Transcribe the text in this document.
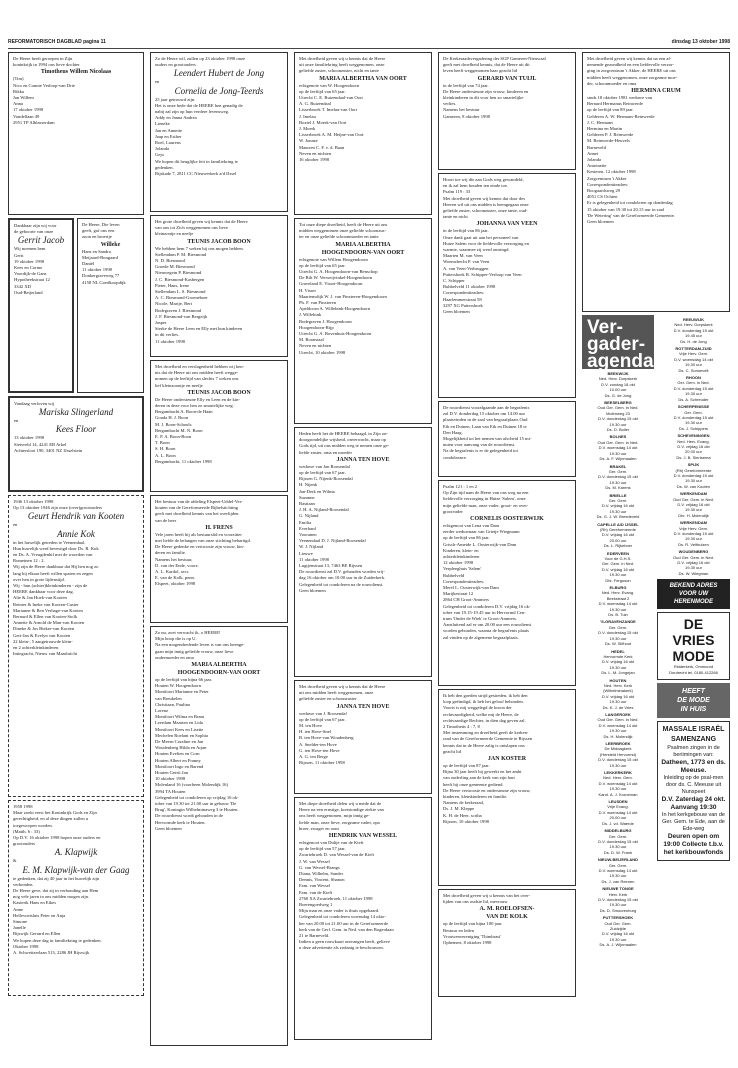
REFORMATORISCH DAGBLAD pagina 11	dinsdag 13 oktober 1998
De Heere heeft geroepen in Zijn
koninkrijk in 1994 ons lieve dochter
Timotheus Willem Nicolaas
(Tim)
Nico en Connie Verloop-van Drie
Rikka
Jan Willem
Anna
17 oktober 1998
Vondellaan 49
2951 TP Alblasserdam
Dankbaar zijn wij voor
de geboorte van onze
Gerrit Jacob
Wij noemen hem
Gerit
19 oktober 1998
Kees en Corine
Voordijk-de Gans
Hypotheekstraat 12
3342 XD
Oud-Beijerland
De Heere, Die leven
geeft, gaf ons een
zoon en broertje
Willeke
Hans en Sandra
Meijaard-Bongaard
Daniël
11 oktober 1998
Donkergraveweg 77
4158 NL Goedkoopdijk
Vandaag verloven wij
Mariska Slingerland
en
Kees Floor
13 oktober 1998
Sietsveld 14, 4241 EB Arkel
Achtersloot 190, 3401 NZ IJsselstein
1946 13 oktober 1998
Op 13 oktober 1946 zijn onze (over)grootouders
Geurt Hendrik van Kooten
en
Annie Kok
in het huwelijk getreden te Veenendaal.
Hun huwelijk werd bevestigd door Ds. R. Kok
en Ds. A. Vreugdenhil met de woorden van
Romeinen 12 : 2.
Wij zijn de Heere dankbaar dat Hij hen nog zo
lang bij elkaar heeft willen sparen en zegen
over hen in grote lijdenstijd.
Wij - hun (achter)kleinkinderen - zijn de
HEERE dankbaar voor deze dag.
Alie & Jan Hoek-van Kooten
Reinier & Ineke van Kooten-Custer
Marianne & Ben Verhage-van Kooten
Bernard & Ellen van Kooten-Stolk
Annette & Arnold de Man-van Kooten
Dineke & Jos Bieker-van Kooten
Gert-Jan & Evelyn van Kooten
22 klein-, 5 aangetrouwde klein-
en 2 achterkleinkinderen
Intiegracht, Nieuw van Maasbricht
1958 1998
Maar zoekt eerst het Koninkrijk Gods en Zijn
gerechtigheid, en al deze dingen zullen u
toegeworpen worden.
(Matth. 6 : 33)
Op D.V. 16 oktober 1998 hopen onze ouders en
grootouders
A. Klapwijk
&
E. M. Klapwijk-van der Gaag
te gedenken, dat zij 40 jaar in het huwelijk zijn
verbonden.
De Heere geve, dat zij in verbonding aan Hem
nog vele jaren in ons midden mogen zijn.
Kasterik Hans en Eikes
Anne
Hellevoetsluis Peter en Anja
Simone
Janelle
Bijswijk Gerrard en Ellen
We hopen deze dag in familiekring te gedenken.
Oktober 1998
A. Schweitzerlaan 513, 2286 JH Rijswijk
Zo de Heere wil, zullen op 23 oktober 1998 onze
ouders en grootouders
Leendert Hubert de Jong
en
Cornelia de Jong-Teerds
25 jaar getrouwd zijn.
Het is onze bede dat de HEERE hen genadig de
nabij zal zijn op hun verdere levensweg.
Addy en Janna Andrea
Lieneke
Jan en Annette
Jaap en Esther
Roel, Laurens
Jolanda
Gejo
We hopen dit heuglijke feit in familiekring te
gedenken.
Rijskade 7, 2811 CC Nieuwerkerk a/d IJssel
Het grote droefheid geven wij kennis dat de Heere
van ons tot Zich weggenomen ons lieve
kleinzontje en neefje
TEUNIS JACOB BOON
We hebben hem 7 weken bij ons mogen hebben.
Stellendam P. M. Biesmond
N. D. Biesmond
Groede M. Biesmond
Nieuwegein P. Biesmond
J. C. Biesmond-Kasbergen
Pieter, Hans, Irene
Stellendam L. S. Biesmond
A. C. Biesmond-Groeneboer
Nicole, Marije, Bert
Bodegraven J. Biesmond
J. F. Biesmond-van Bergeijk
Jasper
Sterke de Heere Leen en Elly met hun kinderen
in dit verlies.
11 oktober 1998
Met droefheid en verslagenheid hebben wij ken-
nis dat de Heere uit ons midden heeft wegge-
nomen op de leeftijd van slechts 7 weken ons
lief kleinzoontje en neefje
TEUNIS JACOB BOON
De Heere ondersteune Elly en Leen en de kin-
deren in deze voor hen zo smartelijke weg.
Bergambacht A. Boon-de Haan
Gouda H. J. Boon
M. J. Boon-Schouls
Bergambacht M. N. Boon
E. P. A. Boon-Boon
T. Boon
S. H. Boon
A. L. Boon
Bergambacht, 11 oktober 1998
Het bestuur van de afdeling Elspeet-Uddel-Ver-
houten van de Gereformeerde Bijbelstichting
geeft met droefheid kennis van het overlijden
van de heer
H. FRENS
Vele jaren heeft hij als bestuurslid en voorzitter
met liefde de belangen van onze stichting behartigd.
De Heere gedenke en vertrooste zijn vrouw, kin-
deren en familie.
Namens het bestuur,
D. van der Ende, voorz.
A. L. Kardol, secr.
E. van de Kolk, penn.
Elspeet, oktober 1998
Zo nu, zoet verwacht ik, o HEERE!
Mijn hoop die is op U.
Na een mogendredende leven is van ons heenge-
gaan mijn innig geliefde vrouw, onze lieve
oudermoeder en oma
MARIA ALBERTHA
HOOGENDOORN-VAN OORT
op de leeftijd van bijna 66 jaar.
Houten W. Hoogendoorn
Montfoort Marianne en Peter
van Breukelen
Christiaan, Paulina
Lorenz
Montfoort Wilma en Bram
Leerdam Maarten en Lida
Montfoort Kees en Lisette
Mechelen Roelant en Sophia
De Meern Coraline en Jan
Woudenberg Hilda en Arjan
Houten Evelien en Corn
Houten Albert en Franny
Montfoort Ingo en Barend
Houten Gerrit Jan
10 oktober 1998
Molenland 16 (voorheen Molendijk 16)
3994 TA Houten
Gelegenheid tot condoleren op vrijdag 16 ok-
tober van 19.30 tot 21.00 uur in gebouw 'De
Brug', Koningin Wilhelminaweg 3 te Houten.
De rouwdienst wordt gehouden in de
Hervormde kerk te Houten.
Geen bloemen
Met droefheid geven wij u kennis dat de Heere
uit onze familiekring heeft weggenomen, onze
geliefde zuster, schoonzuster, nicht en tante
MARIA ALBERTHA VAN OORT
echtgenote van W. Hoogendoorn
op de leeftijd van 65 jaar.
Utrecht C. E. Ruizendaal-van Oort
A. G. Ruizendaal
Lisserbroek T. Imelau-van Oort
J. Imelau
Boxtel J. Moerk-van Oort
J. Moerk
Lisserbroek A. M. Heijne-van Oort
W. Jonaze
Maurren C. F. v. d. Baan
Neven en nichten
16 oktober 1998
Tot onze diepe droefheid, heeft de Heere uit ons
midden weggenomen onze geliefde schoonzus-
ter en onze geliefde schoonmoeder en tante
MARIA ALBERTHA
HOOGENDOORN-VAN OORT
echtgenote van Willem Hoogendoorn
op de leeftijd van 65 jaar.
Utrecht G. A. Hoogendoorn-van Benschop
De Bilt W. Verweijvinkel-Hoogendoorn
Graveland E. Visser-Hoogendoorn
H. Visser
Maartensdijk W. J. van Pinxteren-Hoogendoorn
Ph. F. van Pinxteren
Apeldoorn A. Willebink-Hoogendoorn
J. Willebink
Bodegraven J. Hoogendoorn
Hoogendoorn-Rijp
Utrecht G. A. Bovenhuis-Hoogendoorn
M. Boonstaal
Neven en nichten
Utrecht, 10 oktober 1998
Heden heeft het de HEERE behaagd, in Zijn on-
doorgrondelijke wijsheid, onverwacht, maar op
Gods tijd, uit ons midden weg te nemen onze ge-
liefde zuster, oma en moeder
JANNA TEN HOVE
weduwe van Jan Roosendal
op de leeftijd van 67 jaar.
Rijssen G. Nijenk-Roosendal
H. Nijenk
Jan-Derk en Wilma
Suzanne
Bastiaan
J. H. A. Nijland-Roosendal
G. Nijland
Emilia
Everhard
Vooranen
Veenendaal D. J. Nijland-Roosendal
W. J. Nijland
Lieuwe
11 oktober 1998
Lugtjenstraat 13, 7463 BE Rijssen
De rouwdienst zal D.V. gehouden worden vrij-
dag 16 oktober om 10.00 uur in de Zuiderkerk.
Gelegenheid tot condoleren na de rouwdienst.
Geen bloemen
Met droefheid geven wij u kennis dat de Heere
uit ons midden heeft weggenomen, onze
geliefde zuster en schoonzuster
JANNA TEN HOVE
weduwe van J. Roosendal
op de leeftijd van 67 jaar.
M. ten Hove
H. ten Hove-Snel
B. ten Hove-van Woudenberg
A. Snelder-ten Hove
G. ten Hove-ten Hove
A. G. ten Berge
Rijssen, 11 oktober 1998
Met diepe droefheid delen wij u mede dat de
Heere na een ernstige, kortstondige ziekte van
ons heeft weggenomen, mijn innig ge-
liefde man, onze lieve, zorgzame vader, opa
broer, zwager en oom
HENDRIK VAN WESSEL
echtgenoot van Didije van de Kieft
op de leeftijd van 57 jaar.
Zwartebroek D. van Wessel-van de Kieft
J. W. van Wessel
G. van Wessel-Brangs
Diana, Wilhelm, Sander
Dennis, Vincent, Shanon
Fam. van Wessel
Fam. van de Kieft
2760 XA Zwartebroek, 11 oktober 1998
Boerengoedweg 1
Mijn man en onze vader is thuis opgebaard.
Gelegenheid tot condoleren woensdag 14 okto-
ber van 20.00 tot 21.00 uur in de Gereformeerde
kerk van de Gerf. Gem. in Ned. van den Bogerdaan
21 te Barneveld.
Indien u geen rouwkaart ontvangen heeft, gelieve
u deze advertentie als zodanig te beschouwen.
De Kerkeraadsvergadering der SGP Gameren-Nieuwaal
geeft met droefheid kennis, dat de Heere uit dit
leven heeft weggenomen haar geacht lid
GERARD VAN TUIJL
in de leeftijd van 74 jaar.
De Heere ondersteune zijn vrouw, kinderen en
kleinkinderen in dit voor hen zo smartelijke
verlies.
Namens het bestuur
Gameren, 8 oktober 1998
Hoort toe wij die aan Gods weg gewandeld,
en ik zal hem houden ten einde toe.
Psalm 119 : 33
Met droefheid geven wij kennis dat door des
Heeren wil uit ons midden is heengegaan onze
geliefde zuster, schoonzuster, onze tante, oud-
tante en nicht
JOHANNA VAN VEEN
in de leeftijd van 86 jaar.
Onze dank gaat uit aan het personeel van
Huize Salem voor de liefdevolle verzorging en
warmte, waarmee zij werd omringd.
Maarten M. van Veen
Woensdrecht P. van Veen
A. van Veen-Verbruggen
Puttershoek R. Schipper-Verloop van Veen
C. Schipper
Bubbelveld 11 oktober 1998
Correspondentieadres:
Haarlemmerstraat 58
3297 XG Puttershoek
Geen bloemen
De rouwdienst voorafgaande aan de begrafenis
zal D.V. donderdag 15 oktober om 14.00 uur
plaatsvinden in de zaal van begraafplaats Oud
Eik en Duinen, Laan van Eik en Duinen 18 te
Den Haag.
Mogelijkheid tot het nemen van afscheid 15 mi-
nuten voor aanvang van de rouwdienst.
Na de begrafenis is er de gelegenheid tot
condoleance.
Psalm 121 : 1 en 2
Op Zijn tijd nam de Heere van ons weg na een
liefdevolle verzorging in Huize 'Salem', onze
mijn geliefde man, onze vader, groot- en over-
grootvader
CORNELIS OOSTERWIJK
echtgenoot van Lena van Dam
eerder weduwnaar van Grietje Wiegmann
op de leeftijd van 86 jaar.
Grisch-Ameide L. Oosterwijk-van Dam
Kinderen, klein- en
achterkleinkinderen
12 oktober 1998
Verpleeghuis 'Salem'
Rubbelveld
Correspondentieadres:
Merel L. Oosterwijk-van Dam
Marijkestraat 12
2864 CH Groot-Ammers
Gelegenheid tot condoleren D.V. vrijdag 16 ok-
tober van 19.15-19.45 uur in Hervormd Cen-
trum 'Onder de Wiek' te Groot-Ammers.
Aansluitend zal er om 20.00 uur een rouwdienst
worden gehouden, waarna de begrafenis plaats
zal vinden op de algemene begraafplaats.
Ik heb den goeden strijd gestreden, ik heb den
loop geëindigd, ik heb het geloof behouden.
Voorts is mij weggelegd de kroon der
rechtvaardigheid, welke mij de Heere, de
rechtvaardige Rechter, in dien dag geven zal.
2 Timotheüs 4 : 7, 8
Met instemming en droefheid geeft de kerken-
raad van de Gereformeerde Gemeente te Rijssen
kennis dat in de Heere zalig is ontslapen ons
geacht lid
JAN KOSTER
op de leeftijd van 87 jaar.
Bijna 30 jaar heeft hij gewerkt en het ambt
van ouderling aan de kerk van zijn hart
heeft hij onze gemeente gediend.
De Heere vertrooste en ondersteune zijn vrouw,
kinderen, kleinkinderen en familie.
Namens de kerkeraad,
Ds. J. M. Kleppe
K. H. de Heer, scriba
Rijssen, 10 oktober 1998
Met droefheid geven wij u kennis van het over-
lijden van ons oudste lid, mevrouw
A. M. ROELOFSEN-
VAN DE KOLK
op de leeftijd van bijna 100 jaar.
Bestuur en leden
Vrouwenvereniging 'Thimbrast'
Ophemert, 8 oktober 1998
Met droefheid geven wij kennis dat na een af-
nemende gezondheid en een liefdevolle verzor-
ging in zorgcentrum 't Akker, de HEERE uit ons
midden heeft weggenomen, onze zorgzame moe-
der, schoonmoeder en oma
HERMINA CRUM
sinds 18 oktober 1981 weduwe van
Bernard Hermanus Reinwerde
op de leeftijd van 89 jaar.
Gelderen A. W. Hermans-Reinwerde
J. C. Hermans
Hermina en Martin
Gelderen P. J. Reinwerde
M. Reinwerde-Heuvels
Barneveld
Annet
Jolanda
Antoinette
Kesteren, 12 oktober 1998
Zorgcentrum 't Akker
Correspondentieadres:
Boogaardsweg 29
4051 CS Ochten
Er is gelegenheid tot condoleren op donderdag
15 oktober van 19.30 tot 20.15 uur in zaal
'De Wetering' van de Gereformeerde Gemeente.
Geen bloemen
Ver-
gader-
agenda
BEEKWIJK
Ned. Herv. Dorpskerk
D.V. zondag 18 okt
10.00 uur
Ds. G. de Jong
BEESELBERG
Oud Ger. Gem. in Ned.
Molenweg 23
D.V. donderdag 15 okt
19.30 uur
Ds. D. Bolier
BOLNES
Oud Ger. Gem. in Ned.
D.V. woensdag 14 okt
19.30 uur
Ds. A. F. Wijnmaalen
BRAKEL
Ger. Gem.
D.V. donderdag 15 okt
19.30 uur
Ds. M. Karens
BRIELLE
Ger. Gem.
D.V. vrijdag 16 okt
19.30 uur
Ds. G. J. W. Breedeveld
CAPELLE A/D IJSSEL
(Rh) Gereformeerde
D.V. vrijdag 16 okt
20.00 uur
Ds. L. Rijkeboer
EDERVEEN
Voor de G.H.S.
Ger. Gem. in Ned.
D.V. vrijdag 16 okt
19.30 uur
Dhr. Ferguson
ELBURG
Ned. Herv. Evang.
Beekstraat 2
D.V. woensdag 14 okt
19.30 uur
Ds. B. Tuin
'S-GRAVENZANDE
Ger. Gem.
D.V. donderdag 15 okt
19.30 uur
Ds. W. Silfhout
HEDEL
Hervormde Kerk
D.V. vrijdag 16 okt
19.30 uur
Ds. L. M. Jongejan
HOUTEN
Ned. Herv. Kerk
(Wilhelminakerk)
D.V. vrijdag 16 okt
19.30 uur
Ds. K. J. de Vries
LANGEROEK
Oud Ger. Gem. in Ned.
D.V. woensdag 14 okt
19.30 uur
Ds. H. Molendijk
LEERBROEK
De Middagkerk
(Hersteld Hervormd)
D.V. donderdag 15 okt
19.30 uur
LEKKERKERK
Ned. Herv. Gem.
D.V. woensdag 14 okt
19.30 uur
Kand. A. J. Kroneman
LEUSDEN
Vrije Evang.
D.V. woensdag 14 okt
20.00 uur
Ds. J. vd. Waerde
MIDDELBURG
Ger. Gem.
D.V. donderdag 15 okt
19.30 uur
Ds. D. W. Frank
NIEUW-BEIJERLAND
Ger. Gem.
D.V. woensdag 14 okt
19.30 uur
Ds. J. van Reenen
NIEUWE TONGE
Herv. Kerk
D.V. donderdag 15 okt
19.30 uur
Ds. D. Smoorenburg
PUTTERSHOEK
Oud Ger. Gem.
Zuidzijde
D.V. vrijdag 16 okt
19.30 uur
Ds. A. J. Wijnmaalen
REEUWIJK
Ned. Herv. Dorpskerk
D.V. donderdag 15 okt
19.45 uur
Ds. H. de Jong
ROTTERDAM-ZUID
Vrije Herv. Gem.
D.V. woensdag 14 okt
19.30 uur
Ds. C. Sonnevelt
RHOON
Ger. Gem. in Ned.
D.V. donderdag 15 okt
19.30 uur
Ds. A. Schreuder
SCHERPENISSE
Ger. Gem.
D.V. donderdag 15 okt
19.30 uur
Ds. J. Schippers
SCHEVENINGEN
Ned. Herv. Evang.
D.V. vrijdag 16 okt
20.00 uur
Ds. J. B. Siertsema
SPIJK
(Rh) Gereformeerde
D.V. donderdag 15 okt
19.30 uur
Ds. W. van Kooten
WERKENDAM
Oud Ger. Gem. in Ned.
D.V. vrijdag 16 okt
19.30 uur
Dhr. H. Molendijk
WERKENDAM
Vrije Herv. Gem.
D.V. donderdag 15 okt
19.30 uur
Ds. R. Velthuizen
WOUDENBERG
Oud Ger. Gem. in Ned.
D.V. vrijdag 16 okt
19.30 uur
Ds. W. Wiegman
BEKEND ADRES
VOOR UW
HERENMODE
DE VRIES
MODE
Ridderkerk, Ommoord
Dordrecht tel. 0180-412266
HEEFT
DE MODE
IN HUIS
MASSALE ISRAËL SAMENZANG
Psalmen zingen in de beriimingen van:
Datheen, 1773 en ds. Meeuse.
Inleiding op de psal-men door ds. C. Meeuse uit Nunspeet
D.V. Zaterdag 24 okt. Aanvang 19:30
In het kerkgebouw van de Ger. Gem. te Ede, aan de Ede-weg
Deuren open om 19:00 Collecte t.b.v. het kerkbouwfonds
